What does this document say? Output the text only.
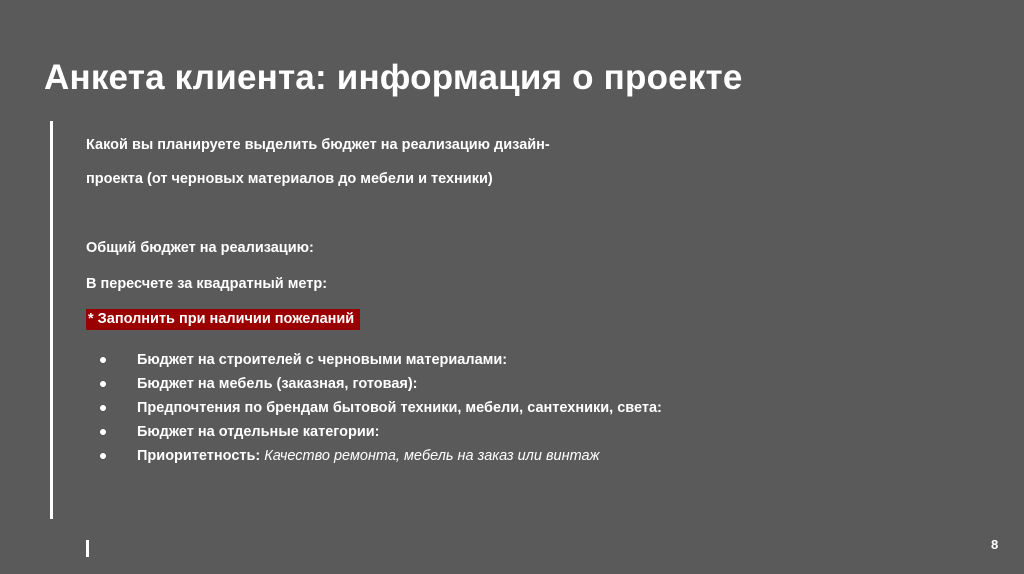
Анкета клиента: информация о проекте
Какой вы планируете выделить бюджет на реализацию дизайн-
проекта (от черновых материалов до мебели и техники)
Общий бюджет на реализацию:
В пересчете за квадратный метр:
* Заполнить при наличии пожеланий
Бюджет на строителей с черновыми материалами:
Бюджет на мебель (заказная, готовая):
Предпочтения по брендам бытовой техники, мебели, сантехники, света:
Бюджет на отдельные категории:
Приоритетность: Качество ремонта, мебель на заказ или винтаж
8
